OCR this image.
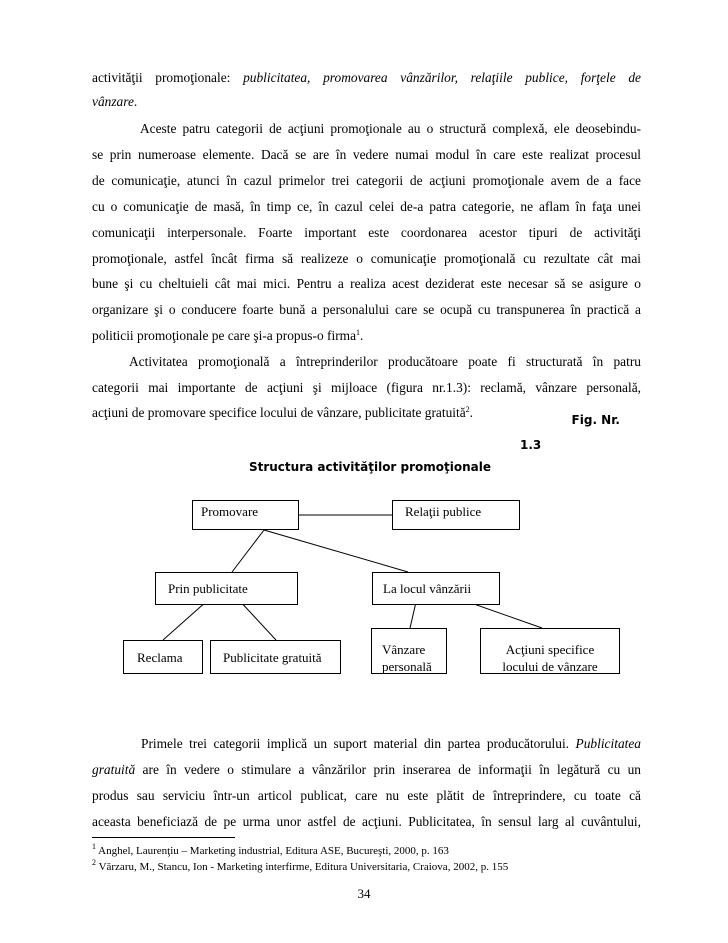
activităţii promoţionale: publicitatea, promovarea vânzărilor, relaţiile publice, forţele de
vânzare.
Aceste patru categorii de acţiuni promoţionale au o structură complexă, ele deosebindu-
se prin numeroase elemente. Dacă se are în vedere numai modul în care este realizat procesul
de comunicaţie, atunci în cazul primelor trei categorii de acţiuni promoţionale avem de a face
cu o comunicaţie de masă, în timp ce, în cazul celei de-a patra categorie, ne aflam în faţa unei
comunicaţii interpersonale. Foarte important este coordonarea acestor tipuri de activităţi
promoţionale, astfel încât firma să realizeze o comunicaţie promoţională cu rezultate cât mai
bune şi cu cheltuieli cât mai mici. Pentru a realiza acest deziderat este necesar să se asigure o
organizare şi o conducere foarte bună a personalului care se ocupă cu transpunerea în practică a
politicii promoţionale pe care şi-a propus-o firma$^1$.
Activitatea promoţională a întreprinderilor producătoare poate fi structurată în patru
categorii mai importante de acţiuni şi mijloace (figura nr.1.3): reclamă, vânzare personală,
acţiuni de promovare specifice locului de vânzare, publicitate gratuită$^2$.	Fig. Nr.
1.3
Structura activităţilor promoţionale
Promovare	Relaţii publice
Prin publicitate	La locul vânzării
Reclama	Publicitate gratuită
Vânzare
personală
Acţiuni specifice
locului de vânzare
Primele trei categorii implică un suport material din partea producătorului. Publicitatea
gratuită are în vedere o stimulare a vânzărilor prin inserarea de informaţii în legătură cu un
produs sau serviciu într-un articol publicat, care nu este plătit de întreprindere, cu toate că
aceasta beneficiază de pe urma unor astfel de acţiuni. Publicitatea, în sensul larg al cuvântului,
$^1$ Anghel, Laurenţiu – Marketing industrial, Editura ASE, Bucureşti, 2000, p. 163
$^2$ Vărzaru, M., Stancu, Ion - Marketing interfirme, Editura Universitaria, Craiova, 2002, p. 155
34
